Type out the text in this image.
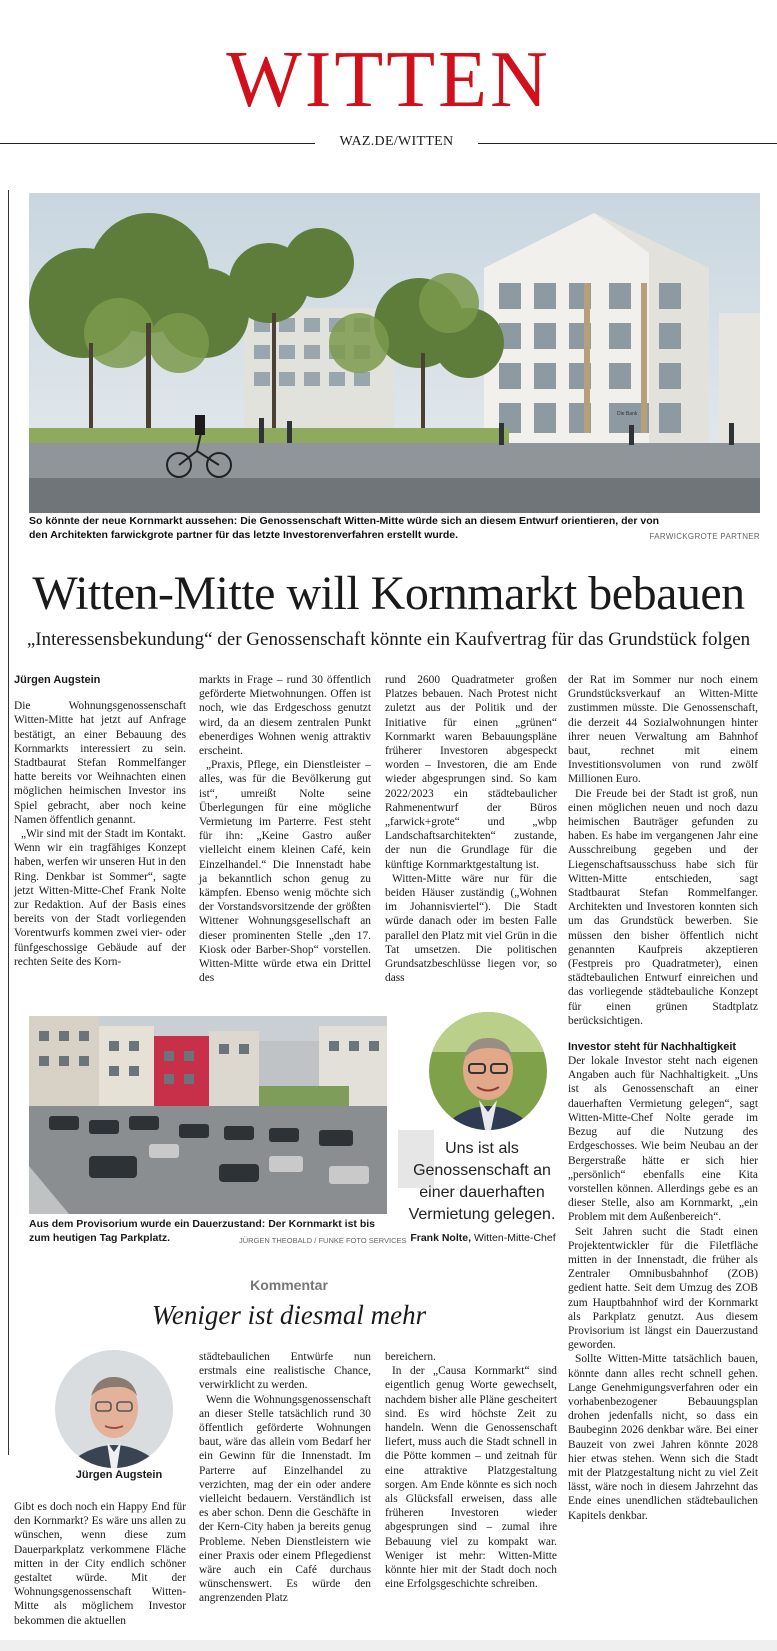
WITTEN
WAZ.DE/WITTEN
Die Bank
So könnte der neue Kornmarkt aussehen: Die Genossenschaft Witten-Mitte würde sich an diesem Entwurf orientieren, der von den Architekten farwickgrote partner für das letzte Investorenverfahren erstellt wurde.	FARWICKGROTE PARTNER
Witten-Mitte will Kornmarkt bebauen
„Interessensbekundung“ der Genossenschaft könnte ein Kaufvertrag für das Grundstück folgen
Jürgen Augstein

Die Wohnungsgenossenschaft Witten-Mitte hat jetzt auf Anfrage bestätigt, an einer Bebauung des Kornmarkts interessiert zu sein. Stadtbaurat Stefan Rommelfanger hatte bereits vor Weihnachten einen möglichen heimischen Investor ins Spiel gebracht, aber noch keine Namen öffentlich genannt.

„Wir sind mit der Stadt im Kontakt. Wenn wir ein tragfähiges Konzept haben, werfen wir unseren Hut in den Ring. Denkbar ist Sommer“, sagte jetzt Witten-Mitte-Chef Frank Nolte zur Redaktion. Auf der Basis eines bereits von der Stadt vorliegenden Vorentwurfs kommen zwei vier- oder fünfgeschossige Gebäude auf der rechten Seite des Korn-

markts in Frage – rund 30 öffentlich geförderte Mietwohnungen. Offen ist noch, wie das Erdgeschoss genutzt wird, da an diesem zentralen Punkt ebenerdiges Wohnen wenig attraktiv erscheint.

„Praxis, Pflege, ein Dienstleister – alles, was für die Bevölkerung gut ist“, umreißt Nolte seine Überlegungen für eine mögliche Vermietung im Parterre. Fest steht für ihn: „Keine Gastro außer vielleicht einem kleinen Café, kein Einzelhandel.“ Die Innenstadt habe ja bekanntlich schon genug zu kämpfen. Ebenso wenig möchte sich der Vorstandsvorsitzende der größten Wittener Wohnungsgesellschaft an dieser prominenten Stelle „den 17. Kiosk oder Barber-Shop“ vorstellen. Witten-Mitte würde etwa ein Drittel des

rund 2600 Quadratmeter großen Platzes bebauen. Nach Protest nicht zuletzt aus der Politik und der Initiative für einen „grünen“ Kornmarkt waren Bebauungspläne früherer Investoren abgespeckt worden – Investoren, die am Ende wieder abgesprungen sind. So kam 2022/2023 ein städtebaulicher Rahmenentwurf der Büros „farwick+grote“ und „wbp Landschaftsarchitekten“ zustande, der nun die Grundlage für die künftige Kornmarktgestaltung ist.

Witten-Mitte wäre nur für die beiden Häuser zuständig („Wohnen im Johannisviertel“). Die Stadt würde danach oder im besten Falle parallel den Platz mit viel Grün in die Tat umsetzen. Die politischen Grundsatzbeschlüsse liegen vor, so dass

der Rat im Sommer nur noch einem Grundstücksverkauf an Witten-Mitte zustimmen müsste. Die Genossenschaft, die derzeit 44 Sozialwohnungen hinter ihrer neuen Verwaltung am Bahnhof baut, rechnet mit einem Investitionsvolumen von rund zwölf Millionen Euro.

Die Freude bei der Stadt ist groß, nun einen möglichen neuen und noch dazu heimischen Bauträger gefunden zu haben. Es habe im vergangenen Jahr eine Ausschreibung gegeben und der Liegenschaftsausschuss habe sich für Witten-Mitte entschieden, sagt Stadtbaurat Stefan Rommelfanger. Architekten und Investoren konnten sich um das Grundstück bewerben. Sie müssen den bisher öffentlich nicht genannten Kaufpreis akzeptieren (Festpreis pro Quadratmeter), einen städtebaulichen Entwurf einreichen und das vorliegende städtebauliche Konzept für einen grünen Stadtplatz berücksichtigen.

Investor steht für Nachhaltigkeit

Der lokale Investor steht nach eigenen Angaben auch für Nachhaltigkeit. „Uns ist als Genossenschaft an einer dauerhaften Vermietung gelegen“, sagt Witten-Mitte-Chef Nolte gerade im Bezug auf die Nutzung des Erdgeschosses. Wie beim Neubau an der Bergerstraße hätte er sich hier „persönlich“ ebenfalls eine Kita vorstellen können. Allerdings gebe es an dieser Stelle, also am Kornmarkt, „ein Problem mit dem Außenbereich“.

Seit Jahren sucht die Stadt einen Projektentwickler für die Filetfläche mitten in der Innenstadt, die früher als Zentraler Omnibusbahnhof (ZOB) gedient hatte. Seit dem Umzug des ZOB zum Hauptbahnhof wird der Kornmarkt als Parkplatz genutzt. Aus diesem Provisorium ist längst ein Dauerzustand geworden.

Sollte Witten-Mitte tatsächlich bauen, könnte dann alles recht schnell gehen. Lange Genehmigungsverfahren oder ein vorhabenbezogener Bebauungsplan drohen jedenfalls nicht, so dass ein Baubeginn 2026 denkbar wäre. Bei einer Bauzeit von zwei Jahren könnte 2028 hier etwas stehen. Wenn sich die Stadt mit der Platzgestaltung nicht zu viel Zeit lässt, wäre noch in diesem Jahrzehnt das Ende eines unendlichen städtebaulichen Kapitels denkbar.

Aus dem Provisorium wurde ein Dauerzustand: Der Kornmarkt ist bis zum heutigen Tag Parkplatz.	JÜRGEN THEOBALD / FUNKE FOTO SERVICES
Uns ist als Genossenschaft an einer dauerhaften Vermietung gelegen.
Frank Nolte, Witten-Mitte-Chef
Kommentar
Weniger ist diesmal mehr
Jürgen Augstein

Gibt es doch noch ein Happy End für den Kornmarkt? Es wäre uns allen zu wünschen, wenn diese zum Dauerparkplatz verkommene Fläche mitten in der City endlich schöner gestaltet würde. Mit der Wohnungsgenossenschaft Witten-Mitte als möglichem Investor bekommen die aktuellen

städtebaulichen Entwürfe nun erstmals eine realistische Chance, verwirklicht zu werden.

Wenn die Wohnungsgenossenschaft an dieser Stelle tatsächlich rund 30 öffentlich geförderte Wohnungen baut, wäre das allein vom Bedarf her ein Gewinn für die Innenstadt. Im Parterre auf Einzelhandel zu verzichten, mag der ein oder andere vielleicht bedauern. Verständlich ist es aber schon. Denn die Geschäfte in der Kern-City haben ja bereits genug Probleme. Neben Dienstleistern wie einer Praxis oder einem Pflegedienst wäre auch ein Café durchaus wünschenswert. Es würde den angrenzenden Platz

bereichern.

In der „Causa Kornmarkt“ sind eigentlich genug Worte gewechselt, nachdem bisher alle Pläne gescheitert sind. Es wird höchste Zeit zu handeln. Wenn die Genossenschaft liefert, muss auch die Stadt schnell in die Pötte kommen – und zeitnah für eine attraktive Platzgestaltung sorgen. Am Ende könnte es sich noch als Glücksfall erweisen, dass alle früheren Investoren wieder abgesprungen sind – zumal ihre Bebauung viel zu kompakt war. Weniger ist mehr: Witten-Mitte könnte hier mit der Stadt doch noch eine Erfolgsgeschichte schreiben.
